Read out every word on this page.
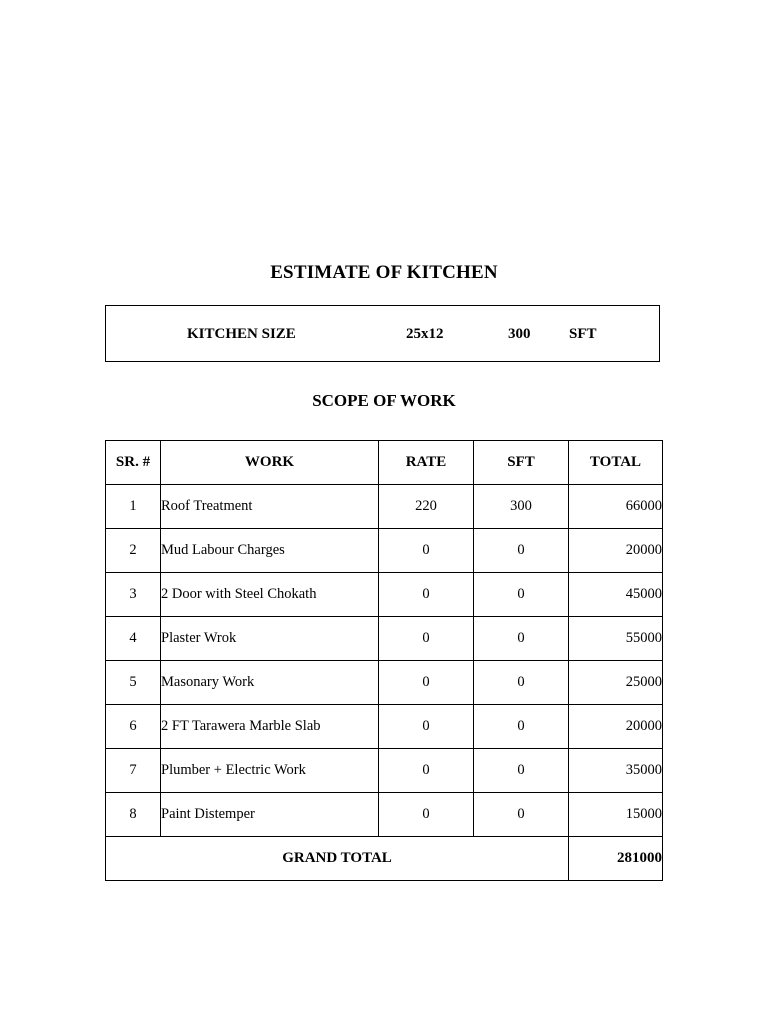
ESTIMATE OF KITCHEN
KITCHEN SIZE	25x12	300	SFT
SCOPE OF WORK
SR. #	WORK	RATE	SFT	TOTAL
1	Roof Treatment	220	300	66000
2	Mud Labour Charges	0	0	20000
3	2 Door with Steel Chokath	0	0	45000
4	Plaster Wrok	0	0	55000
5	Masonary Work	0	0	25000
6	2 FT Tarawera Marble Slab	0	0	20000
7	Plumber + Electric Work	0	0	35000
8	Paint Distemper	0	0	15000
GRAND TOTAL				281000
